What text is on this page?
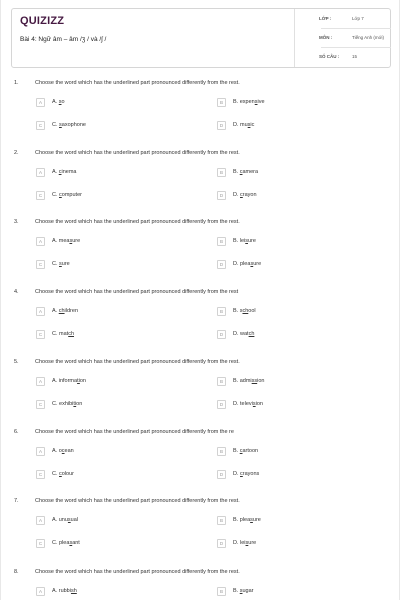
QUIZIZZ
Bài 4: Ngữ âm – âm /ʒ / và /ʃ /
LỚP :	Lớp 7
MÔN :	Tiếng Anh (mới)
SỐ CÂU :	15
1.	Choose the word which has the underlined part pronounced differently from the rest.
A	A. so	B	B. expensive
C	C. saxophone	D	D. music
2.	Choose the word which has the underlined part pronounced differently from the rest.
A	A. cinema	B	B. camera
C	C. computer	D	D. crayon
3.	Choose the word which has the underlined part pronounced differently from the rest.
A	A. measure	B	B. leisure
C	C. sure	D	D. pleasure
4.	Choose the word which has the underlined part pronounced differently from the rest
A	A. children	B	B. school
C	C. match	D	D. watch
5.	Choose the word which has the underlined part pronounced differently from the rest.
A	A. information	B	B. admission
C	C. exhibition	D	D. television
6.	Choose the word which has the underlined part pronounced differently from the re
A	A. ocean	B	B. cartoon
C	C. colour	D	D. crayons
7.	Choose the word which has the underlined part pronounced differently from the rest.
A	A. unusual	B	B. pleasure
C	C. pleasant	D	D. leisure
8.	Choose the word which has the underlined part pronounced differently from the rest.
A	A. rubbish	B	B. sugar
